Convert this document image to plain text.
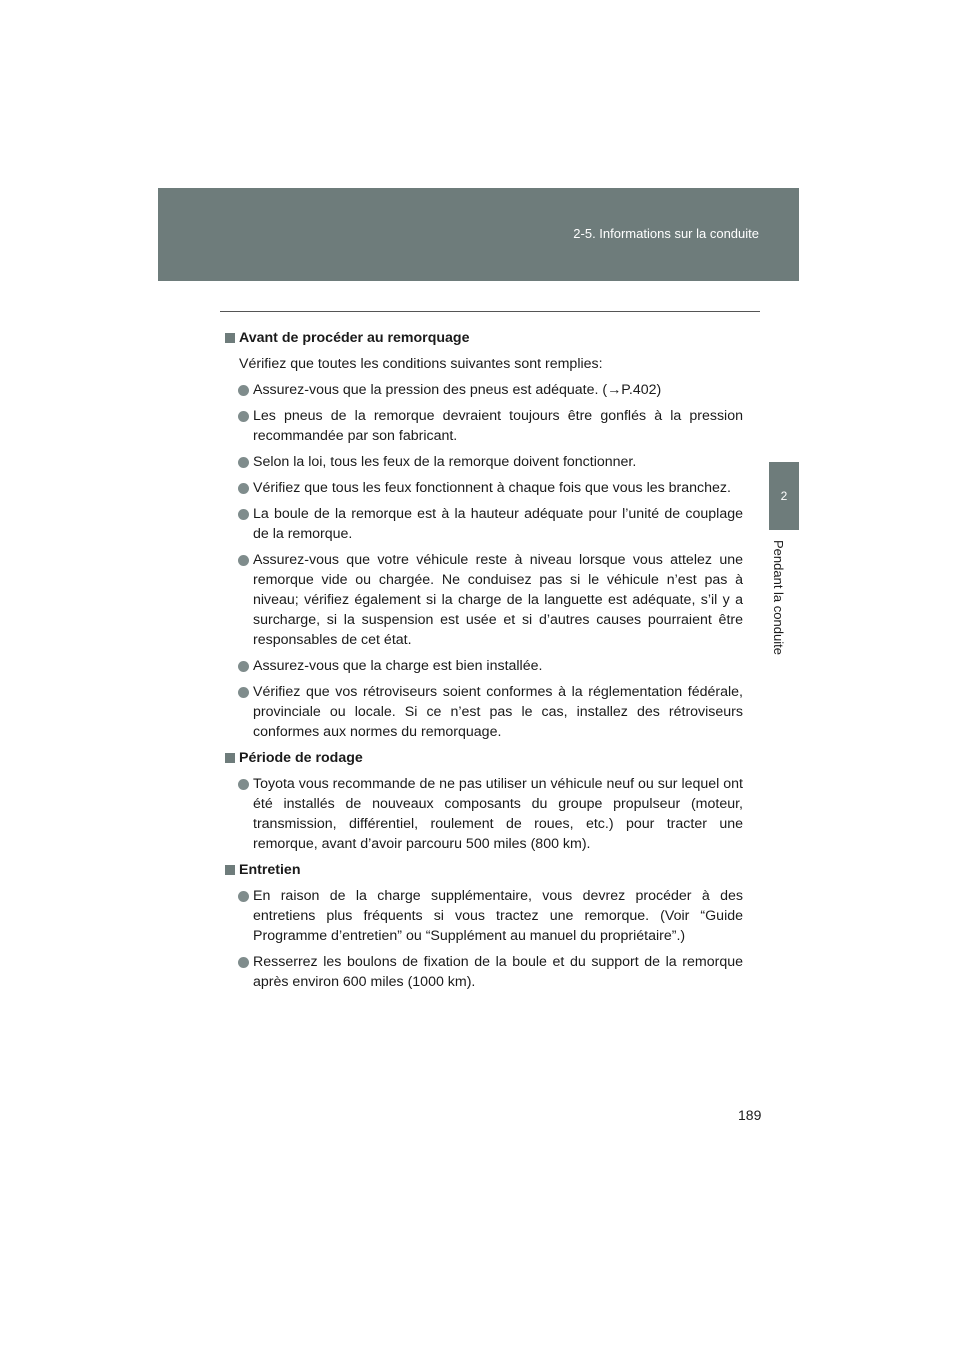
2-5. Informations sur la conduite
2
Pendant la conduite
Avant de procéder au remorquage
Vérifiez que toutes les conditions suivantes sont remplies:
Assurez-vous que la pression des pneus est adéquate. (→P.402)
Les pneus de la remorque devraient toujours être gonflés à la pression recommandée par son fabricant.
Selon la loi, tous les feux de la remorque doivent fonctionner.
Vérifiez que tous les feux fonctionnent à chaque fois que vous les branchez.
La boule de la remorque est à la hauteur adéquate pour l’unité de couplage de la remorque.
Assurez-vous que votre véhicule reste à niveau lorsque vous attelez une remorque vide ou chargée. Ne conduisez pas si le véhicule n’est pas à niveau; vérifiez également si la charge de la languette est adéquate, s’il y a surcharge, si la suspension est usée et si d’autres causes pourraient être responsables de cet état.
Assurez-vous que la charge est bien installée.
Vérifiez que vos rétroviseurs soient conformes à la réglementation fédérale, provinciale ou locale. Si ce n’est pas le cas, installez des rétroviseurs conformes aux normes du remorquage.
Période de rodage
Toyota vous recommande de ne pas utiliser un véhicule neuf ou sur lequel ont été installés de nouveaux composants du groupe propulseur (moteur, transmission, différentiel, roulement de roues, etc.) pour tracter une remorque, avant d’avoir parcouru 500 miles (800 km).
Entretien
En raison de la charge supplémentaire, vous devrez procéder à des entretiens plus fréquents si vous tractez une remorque. (Voir “Guide Programme d’entretien” ou “Supplément au manuel du propriétaire”.)
Resserrez les boulons de fixation de la boule et du support de la remorque après environ 600 miles (1000 km).
189
